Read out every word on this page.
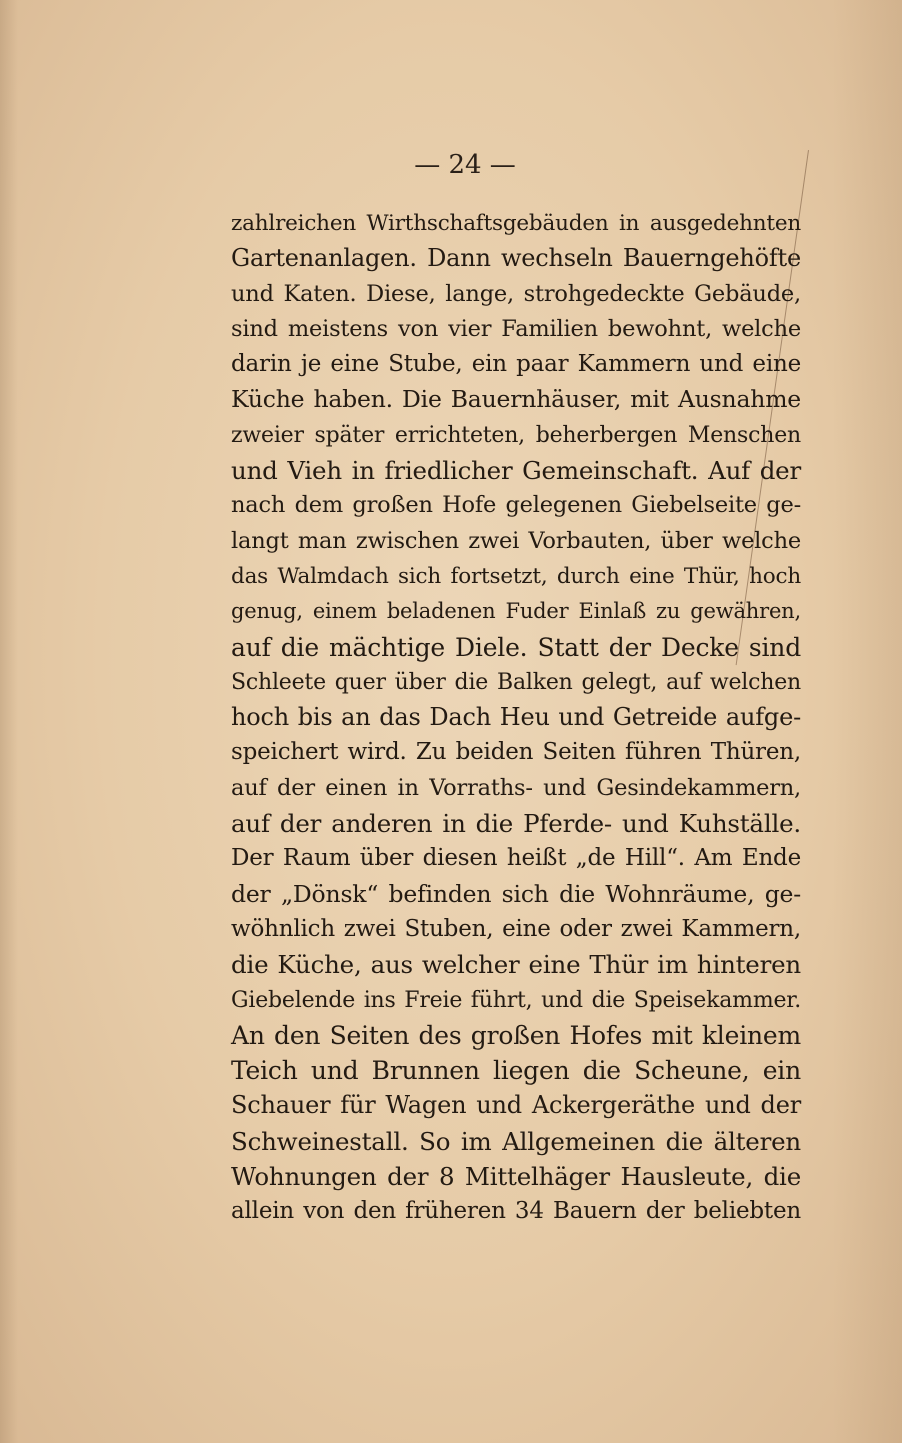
— 24 —
zahlreichen Wirthschaftsgebäuden in ausgedehnten
Gartenanlagen. Dann wechseln Bauerngehöfte
und Katen. Diese, lange, strohgedeckte Gebäude,
sind meistens von vier Familien bewohnt, welche
darin je eine Stube, ein paar Kammern und eine
Küche haben. Die Bauernhäuser, mit Ausnahme
zweier später errichteten, beherbergen Menschen
und Vieh in friedlicher Gemeinschaft. Auf der
nach dem großen Hofe gelegenen Giebelseite ge-
langt man zwischen zwei Vorbauten, über welche
das Walmdach sich fortsetzt, durch eine Thür, hoch
genug, einem beladenen Fuder Einlaß zu gewähren,
auf die mächtige Diele. Statt der Decke sind
Schleete quer über die Balken gelegt, auf welchen
hoch bis an das Dach Heu und Getreide aufge-
speichert wird. Zu beiden Seiten führen Thüren,
auf der einen in Vorraths- und Gesindekammern,
auf der anderen in die Pferde- und Kuhställe.
Der Raum über diesen heißt „de Hill“. Am Ende
der „Dönsk“ befinden sich die Wohnräume, ge-
wöhnlich zwei Stuben, eine oder zwei Kammern,
die Küche, aus welcher eine Thür im hinteren
Giebelende ins Freie führt, und die Speisekammer.
An den Seiten des großen Hofes mit kleinem
Teich und Brunnen liegen die Scheune, ein
Schauer für Wagen und Ackergeräthe und der
Schweinestall. So im Allgemeinen die älteren
Wohnungen der 8 Mittelhäger Hausleute, die
allein von den früheren 34 Bauern der beliebten
